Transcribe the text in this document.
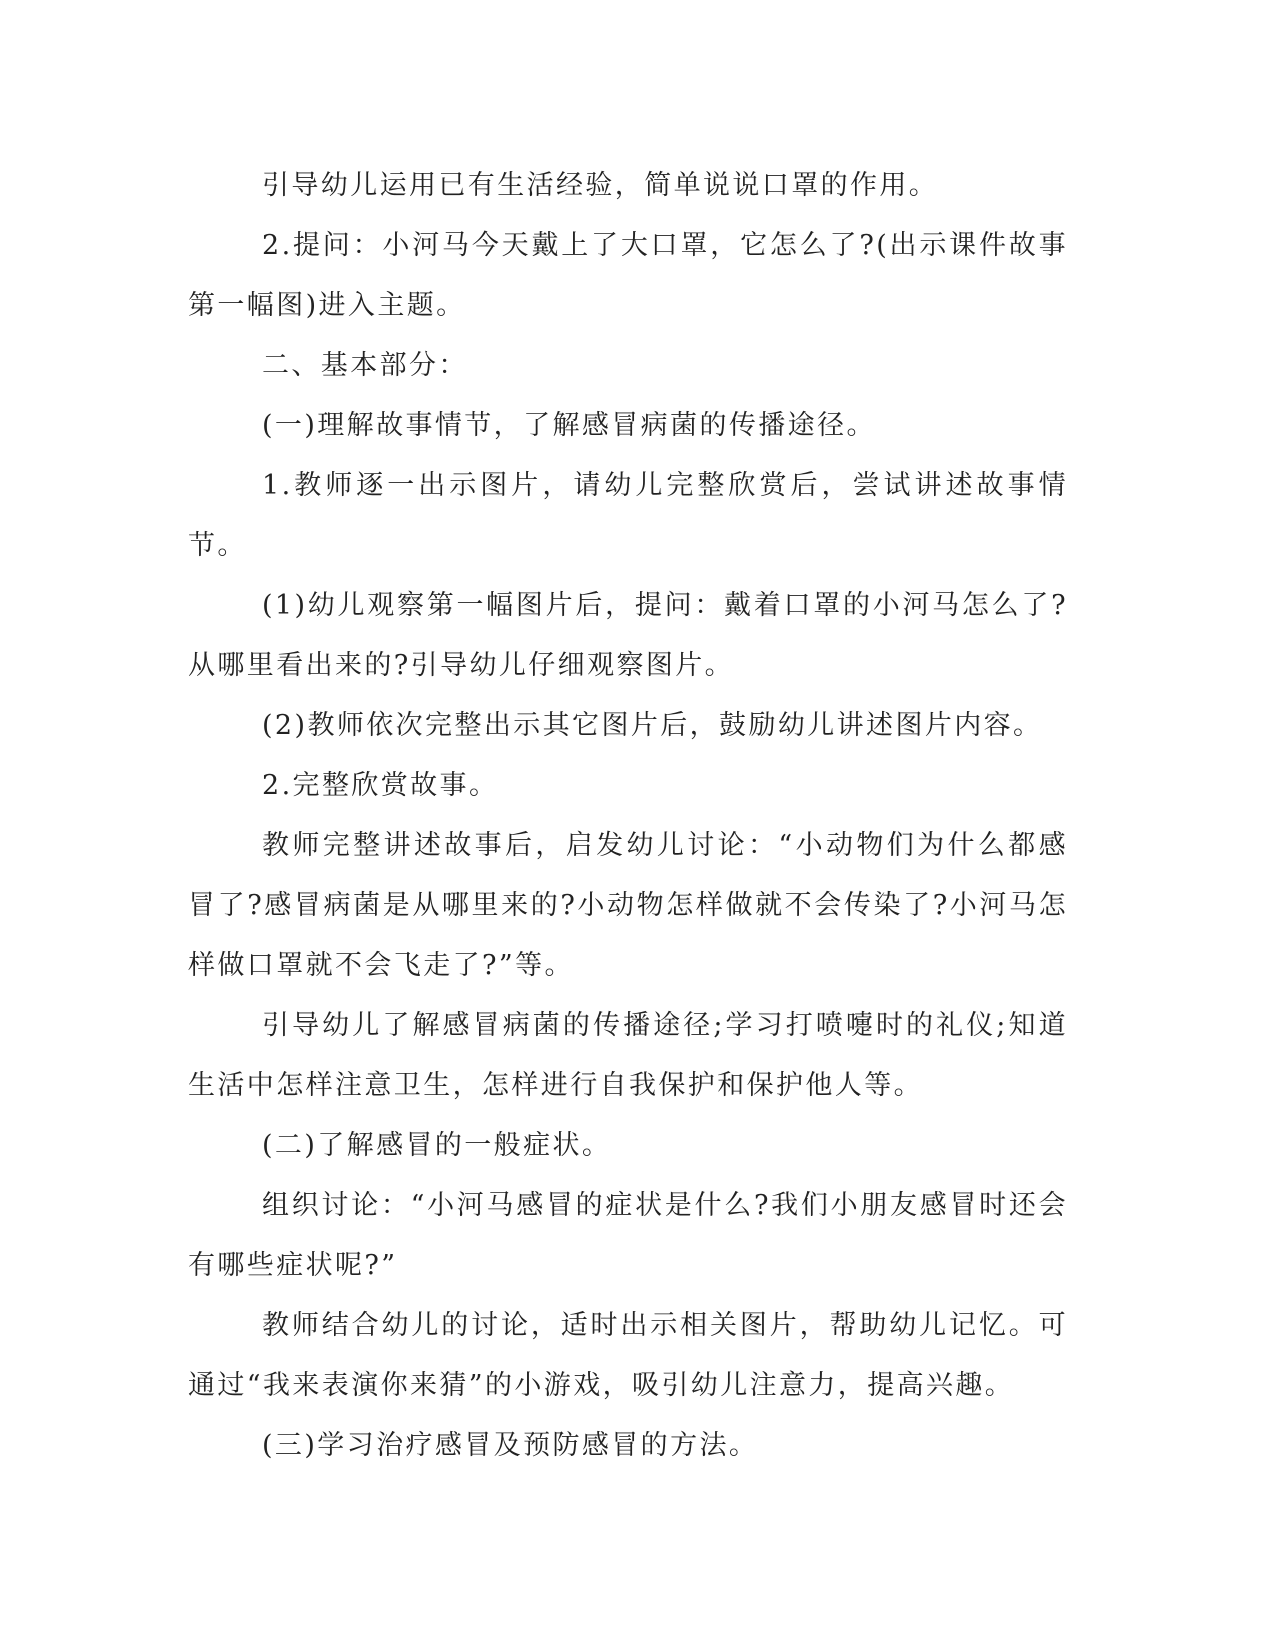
引导幼儿运用已有生活经验，简单说说口罩的作用。

2.提问：小河马今天戴上了大口罩，它怎么了?(出示课件故事第一幅图)进入主题。

二、基本部分：

(一)理解故事情节，了解感冒病菌的传播途径。

1.教师逐一出示图片，请幼儿完整欣赏后，尝试讲述故事情节。

(1)幼儿观察第一幅图片后，提问：戴着口罩的小河马怎么了?从哪里看出来的?引导幼儿仔细观察图片。

(2)教师依次完整出示其它图片后，鼓励幼儿讲述图片内容。

2.完整欣赏故事。

教师完整讲述故事后，启发幼儿讨论：“小动物们为什么都感冒了?感冒病菌是从哪里来的?小动物怎样做就不会传染了?小河马怎样做口罩就不会飞走了?”等。

引导幼儿了解感冒病菌的传播途径;学习打喷嚏时的礼仪;知道生活中怎样注意卫生，怎样进行自我保护和保护他人等。

(二)了解感冒的一般症状。

组织讨论：“小河马感冒的症状是什么?我们小朋友感冒时还会有哪些症状呢?”

教师结合幼儿的讨论，适时出示相关图片，帮助幼儿记忆。可通过“我来表演你来猜”的小游戏，吸引幼儿注意力，提高兴趣。

(三)学习治疗感冒及预防感冒的方法。
